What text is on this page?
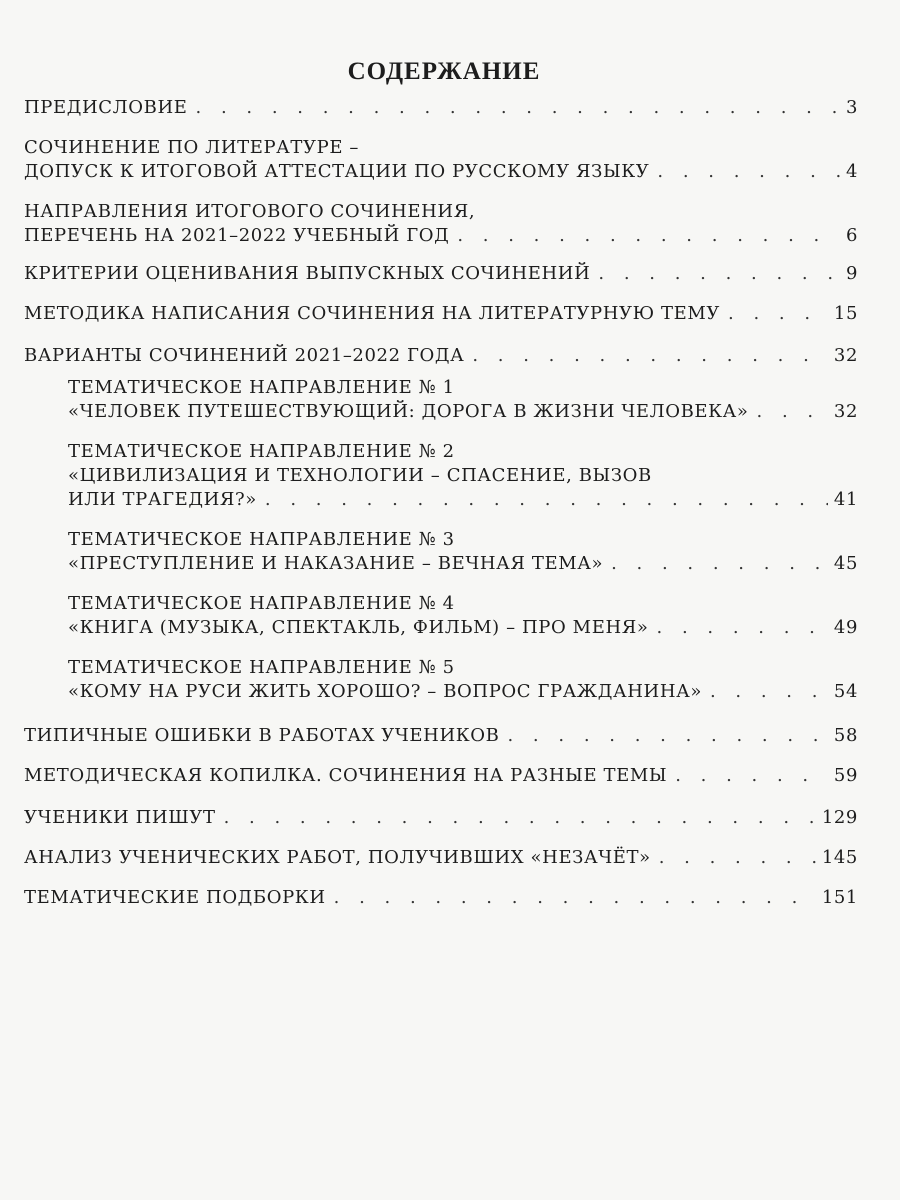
СОДЕРЖАНИЕ
ПРЕДИСЛОВИЕ . . .	3
СОЧИНЕНИЕ ПО ЛИТЕРАТУРЕ –
ДОПУСК К ИТОГОВОЙ АТТЕСТАЦИИ ПО РУССКОМУ ЯЗЫКУ . . .	4
НАПРАВЛЕНИЯ ИТОГОВОГО СОЧИНЕНИЯ,
ПЕРЕЧЕНЬ НА 2021–2022 УЧЕБНЫЙ ГОД . . .	6
КРИТЕРИИ ОЦЕНИВАНИЯ ВЫПУСКНЫХ СОЧИНЕНИЙ . . .	9
МЕТОДИКА НАПИСАНИЯ СОЧИНЕНИЯ НА ЛИТЕРАТУРНУЮ ТЕМУ . . .	15
ВАРИАНТЫ СОЧИНЕНИЙ 2021–2022 ГОДА . . .	32
ТЕМАТИЧЕСКОЕ НАПРАВЛЕНИЕ № 1
«ЧЕЛОВЕК ПУТЕШЕСТВУЮЩИЙ: ДОРОГА В ЖИЗНИ ЧЕЛОВЕКА» . . .	32
ТЕМАТИЧЕСКОЕ НАПРАВЛЕНИЕ № 2
«ЦИВИЛИЗАЦИЯ И ТЕХНОЛОГИИ – СПАСЕНИЕ, ВЫЗОВ
ИЛИ ТРАГЕДИЯ?» . . .	41
ТЕМАТИЧЕСКОЕ НАПРАВЛЕНИЕ № 3
«ПРЕСТУПЛЕНИЕ И НАКАЗАНИЕ – ВЕЧНАЯ ТЕМА» . . .	45
ТЕМАТИЧЕСКОЕ НАПРАВЛЕНИЕ № 4
«КНИГА (МУЗЫКА, СПЕКТАКЛЬ, ФИЛЬМ) – ПРО МЕНЯ» . . .	49
ТЕМАТИЧЕСКОЕ НАПРАВЛЕНИЕ № 5
«КОМУ НА РУСИ ЖИТЬ ХОРОШО? – ВОПРОС ГРАЖДАНИНА» . . .	54
ТИПИЧНЫЕ ОШИБКИ В РАБОТАХ УЧЕНИКОВ . . .	58
МЕТОДИЧЕСКАЯ КОПИЛКА. СОЧИНЕНИЯ НА РАЗНЫЕ ТЕМЫ . . .	59
УЧЕНИКИ ПИШУТ . . .	129
АНАЛИЗ УЧЕНИЧЕСКИХ РАБОТ, ПОЛУЧИВШИХ «НЕЗАЧЁТ» . . .	145
ТЕМАТИЧЕСКИЕ ПОДБОРКИ . . .	151
